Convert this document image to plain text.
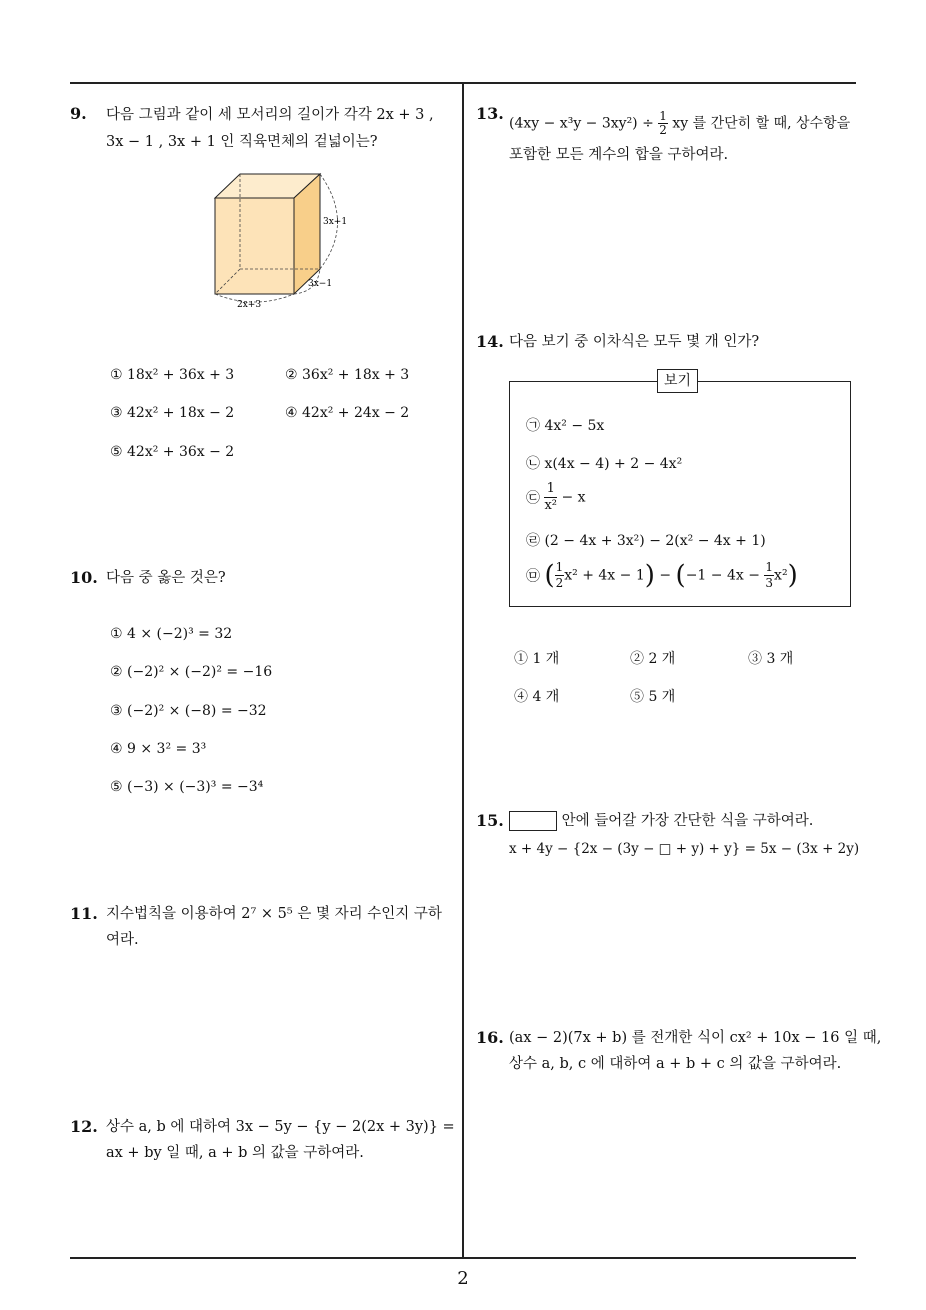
9. 다음 그림과 같이 세 모서리의 길이가 각각 2x + 3 ,
3x − 1 , 3x + 1 인 직육면체의 겉넓이는?
3x+1
3x−1
2x+3
① 18x² + 36x + 3	② 36x² + 18x + 3
③ 42x² + 18x − 2	④ 42x² + 24x − 2
⑤ 42x² + 36x − 2
10. 다음 중 옳은 것은?
① 4 × (−2)³ = 32
② (−2)² × (−2)² = −16
③ (−2)² × (−8) = −32
④ 9 × 3² = 3³
⑤ (−3) × (−3)³ = −3⁴
11. 지수법칙을 이용하여 2⁷ × 5⁵ 은 몇 자리 수인지 구하
여라.
12. 상수 a, b 에 대하여 3x − 5y − {y − 2(2x + 3y)} =
ax + by 일 때, a + b 의 값을 구하여라.
13.
$(4xy - x^3y - 3xy^2) \div \frac{1}{2}$ xy 를 간단히 할 때, 상수항을
포함한 모든 계수의 합을 구하여라.
14. 다음 보기 중 이차식은 모두 몇 개 인가?
보기
㉠ 4x² − 5x
㉡ x(4x − 4) + 2 − 4x²
㉢ $\frac{1}{\text{x²}} - x$
㉣ (2 − 4x + 3x²) − 2(x² − 4x + 1)
㉤ ( $\frac{1}{2} x^2 + 4x - 1) - (-1 - 4x - \frac{1}{3} x^2)$
① 1 개	② 2 개	③ 3 개
④ 4 개	⑤ 5 개
15.	안에 들어갈 가장 간단한 식을 구하여라.
x + 4y − {2x − (3y − □ + y) + y} = 5x − (3x + 2y)
16. (ax − 2)(7x + b) 를 전개한 식이 cx² + 10x − 16 일 때,
상수 a, b, c 에 대하여 a + b + c 의 값을 구하여라.
2
